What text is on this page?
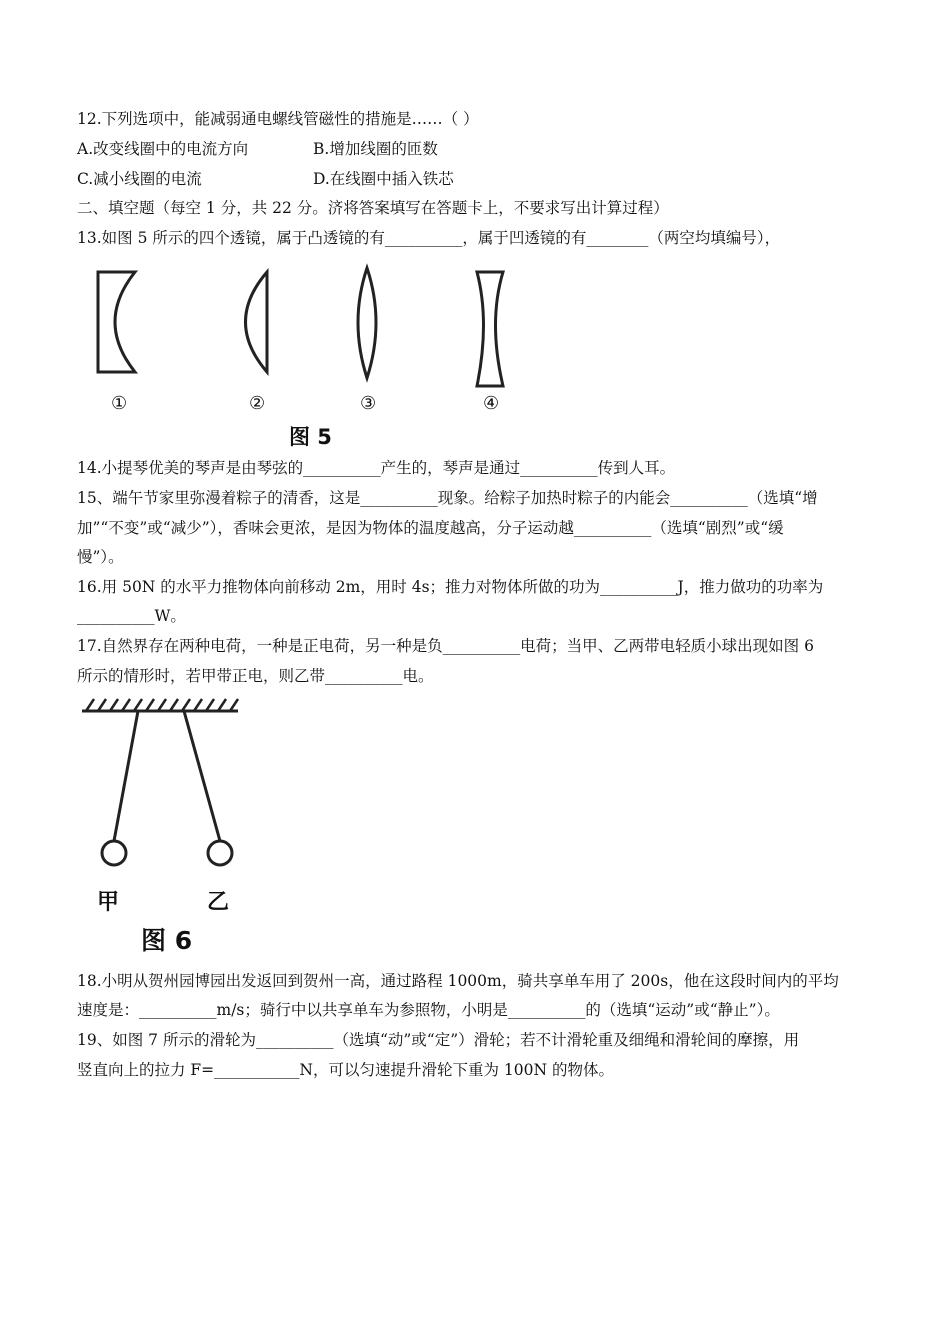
12.下列选项中，能减弱通电螺线管磁性的措施是……（ ）
A.改变线圈中的电流方向	B.增加线圈的匝数
C.减小线圈的电流	D.在线圈中插入铁芯
二、填空题（每空 1 分，共 22 分。济将答案填写在答题卡上，不要求写出计算过程）
13.如图 5 所示的四个透镜，属于凸透镜的有__________，属于凹透镜的有________（两空均填编号），
①	②	③	④
图 5
14.小提琴优美的琴声是由琴弦的__________产生的，琴声是通过__________传到人耳。
15、端午节家里弥漫着粽子的清香，这是__________现象。给粽子加热时粽子的内能会__________（选填“增
加”“不变”或“减少”），香味会更浓，是因为物体的温度越高，分子运动越__________（选填“剧烈”或“缓
慢”）。
16.用 50N 的水平力推物体向前移动 2m，用时 4s；推力对物体所做的功为__________J，推力做功的功率为
__________W。
17.自然界存在两种电荷，一种是正电荷，另一种是负__________电荷；当甲、乙两带电轻质小球出现如图 6
所示的情形时，若甲带正电，则乙带__________电。
甲	乙
图 6
18.小明从贺州园博园出发返回到贺州一高，通过路程 1000m，骑共享单车用了 200s，他在这段时间内的平均
速度是：__________m/s；骑行中以共享单车为参照物，小明是__________的（选填“运动”或“静止”）。
19、如图 7 所示的滑轮为__________（选填“动”或“定”）滑轮；若不计滑轮重及细绳和滑轮间的摩擦，用
竖直向上的拉力 F=___________N，可以匀速提升滑轮下重为 100N 的物体。
